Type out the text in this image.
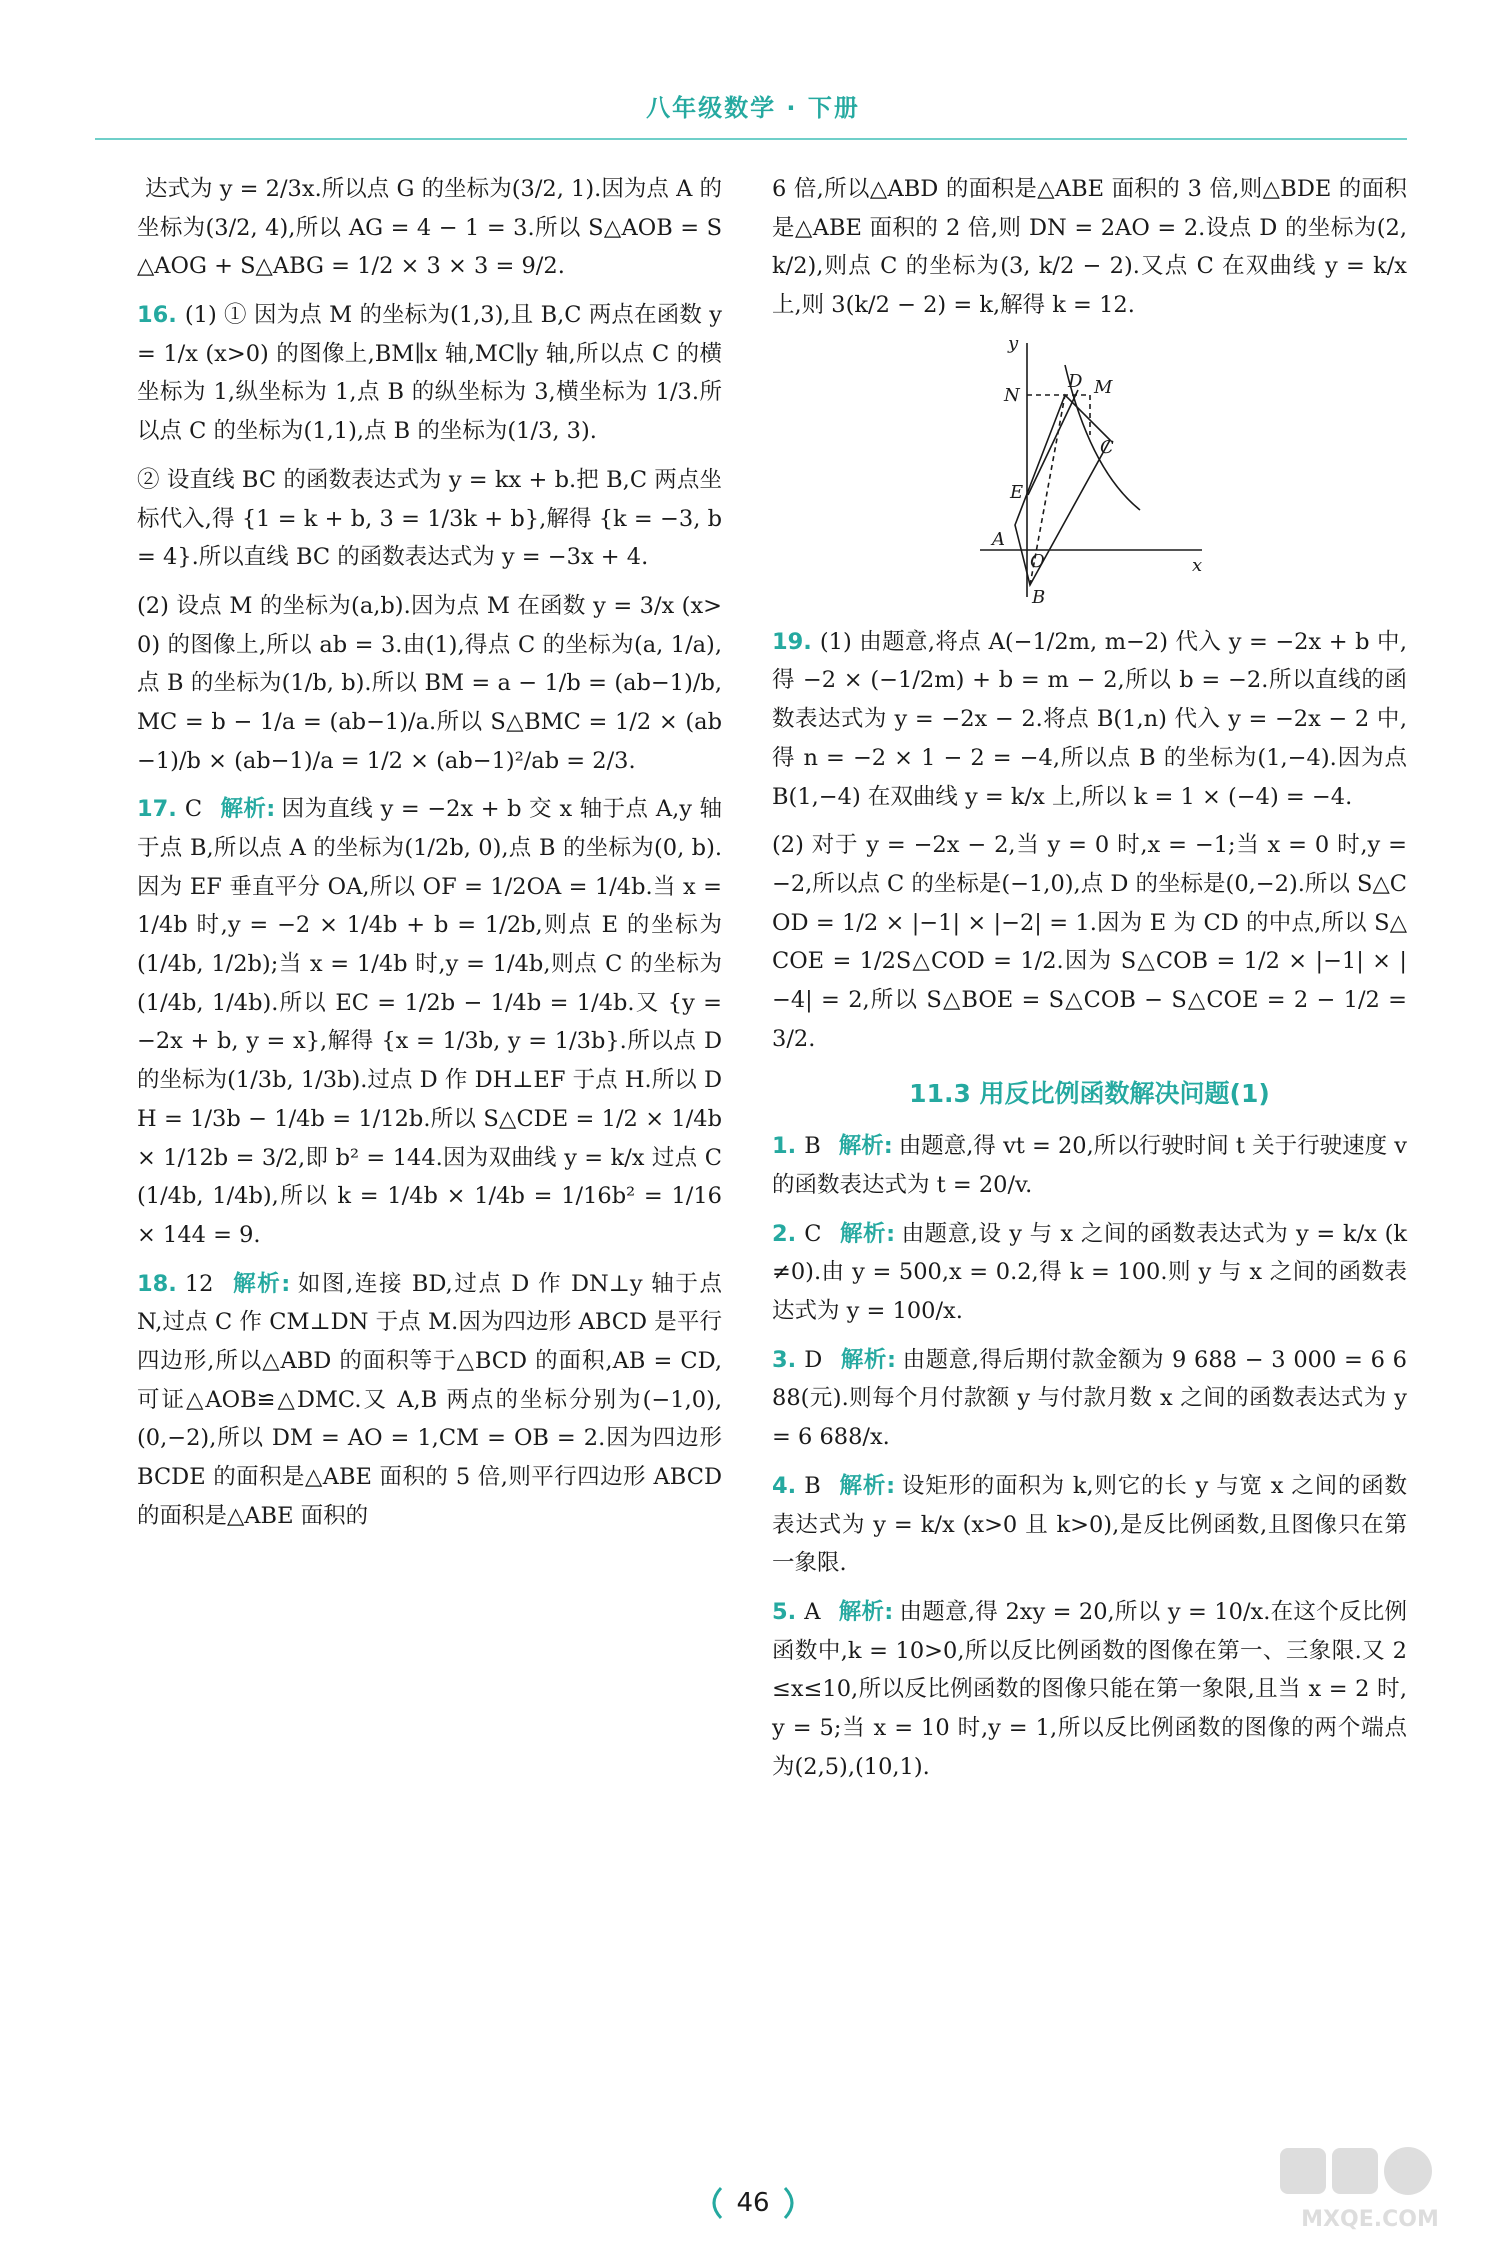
八年级数学 · 下册

达式为 y = 2/3x.所以点 G 的坐标为(3/2, 1).因为点 A 的坐标为(3/2, 4),所以 AG = 4 − 1 = 3.所以 S△AOB = S△AOG + S△ABG = 1/2 × 3 × 3 = 9/2.

16. (1) ① 因为点 M 的坐标为(1,3),且 B,C 两点在函数 y = 1/x (x>0) 的图像上,BM∥x 轴,MC∥y 轴,所以点 C 的横坐标为 1,纵坐标为 1,点 B 的纵坐标为 3,横坐标为 1/3.所以点 C 的坐标为(1,1),点 B 的坐标为(1/3, 3).

② 设直线 BC 的函数表达式为 y = kx + b.把 B,C 两点坐标代入,得 {1 = k + b, 3 = 1/3k + b},解得 {k = −3, b = 4}.所以直线 BC 的函数表达式为 y = −3x + 4.

(2) 设点 M 的坐标为(a,b).因为点 M 在函数 y = 3/x (x>0) 的图像上,所以 ab = 3.由(1),得点 C 的坐标为(a, 1/a),点 B 的坐标为(1/b, b).所以 BM = a − 1/b = (ab−1)/b,MC = b − 1/a = (ab−1)/a.所以 S△BMC = 1/2 × (ab−1)/b × (ab−1)/a = 1/2 × (ab−1)²/ab = 2/3.

17. C 解析: 因为直线 y = −2x + b 交 x 轴于点 A,y 轴于点 B,所以点 A 的坐标为(1/2b, 0),点 B 的坐标为(0, b).因为 EF 垂直平分 OA,所以 OF = 1/2OA = 1/4b.当 x = 1/4b 时,y = −2 × 1/4b + b = 1/2b,则点 E 的坐标为(1/4b, 1/2b);当 x = 1/4b 时,y = 1/4b,则点 C 的坐标为(1/4b, 1/4b).所以 EC = 1/2b − 1/4b = 1/4b.又 {y = −2x + b, y = x},解得 {x = 1/3b, y = 1/3b}.所以点 D 的坐标为(1/3b, 1/3b).过点 D 作 DH⊥EF 于点 H.所以 DH = 1/3b − 1/4b = 1/12b.所以 S△CDE = 1/2 × 1/4b × 1/12b = 3/2,即 b² = 144.因为双曲线 y = k/x 过点 C(1/4b, 1/4b),所以 k = 1/4b × 1/4b = 1/16b² = 1/16 × 144 = 9.

18. 12 解析: 如图,连接 BD,过点 D 作 DN⊥y 轴于点 N,过点 C 作 CM⊥DN 于点 M.因为四边形 ABCD 是平行四边形,所以△ABD 的面积等于△BCD 的面积,AB = CD,可证△AOB≌△DMC.又 A,B 两点的坐标分别为(−1,0),(0,−2),所以 DM = AO = 1,CM = OB = 2.因为四边形 BCDE 的面积是△ABE 面积的 5 倍,则平行四边形 ABCD 的面积是△ABE 面积的

6 倍,所以△ABD 的面积是△ABE 面积的 3 倍,则△BDE 的面积是△ABE 面积的 2 倍,则 DN = 2AO = 2.设点 D 的坐标为(2, k/2),则点 C 的坐标为(3, k/2 − 2).又点 C 在双曲线 y = k/x 上,则 3(k/2 − 2) = k,解得 k = 12.

y
N
D M
C
E
A
O
B
x

19. (1) 由题意,将点 A(−1/2m, m−2) 代入 y = −2x + b 中,得 −2 × (−1/2m) + b = m − 2,所以 b = −2.所以直线的函数表达式为 y = −2x − 2.将点 B(1,n) 代入 y = −2x − 2 中,得 n = −2 × 1 − 2 = −4,所以点 B 的坐标为(1,−4).因为点 B(1,−4) 在双曲线 y = k/x 上,所以 k = 1 × (−4) = −4.

(2) 对于 y = −2x − 2,当 y = 0 时,x = −1;当 x = 0 时,y = −2,所以点 C 的坐标是(−1,0),点 D 的坐标是(0,−2).所以 S△COD = 1/2 × |−1| × |−2| = 1.因为 E 为 CD 的中点,所以 S△COE = 1/2S△COD = 1/2.因为 S△COB = 1/2 × |−1| × |−4| = 2,所以 S△BOE = S△COB − S△COE = 2 − 1/2 = 3/2.

11.3 用反比例函数解决问题(1)

1. B 解析: 由题意,得 vt = 20,所以行驶时间 t 关于行驶速度 v 的函数表达式为 t = 20/v.

2. C 解析: 由题意,设 y 与 x 之间的函数表达式为 y = k/x (k≠0).由 y = 500,x = 0.2,得 k = 100.则 y 与 x 之间的函数表达式为 y = 100/x.

3. D 解析: 由题意,得后期付款金额为 9 688 − 3 000 = 6 688(元).则每个月付款额 y 与付款月数 x 之间的函数表达式为 y = 6 688/x.

4. B 解析: 设矩形的面积为 k,则它的长 y 与宽 x 之间的函数表达式为 y = k/x (x>0 且 k>0),是反比例函数,且图像只在第一象限.

5. A 解析: 由题意,得 2xy = 20,所以 y = 10/x.在这个反比例函数中,k = 10>0,所以反比例函数的图像在第一、三象限.又 2≤x≤10,所以反比例函数的图像只能在第一象限,且当 x = 2 时,y = 5;当 x = 10 时,y = 1,所以反比例函数的图像的两个端点为(2,5),(10,1).

46
MXQE.COM
